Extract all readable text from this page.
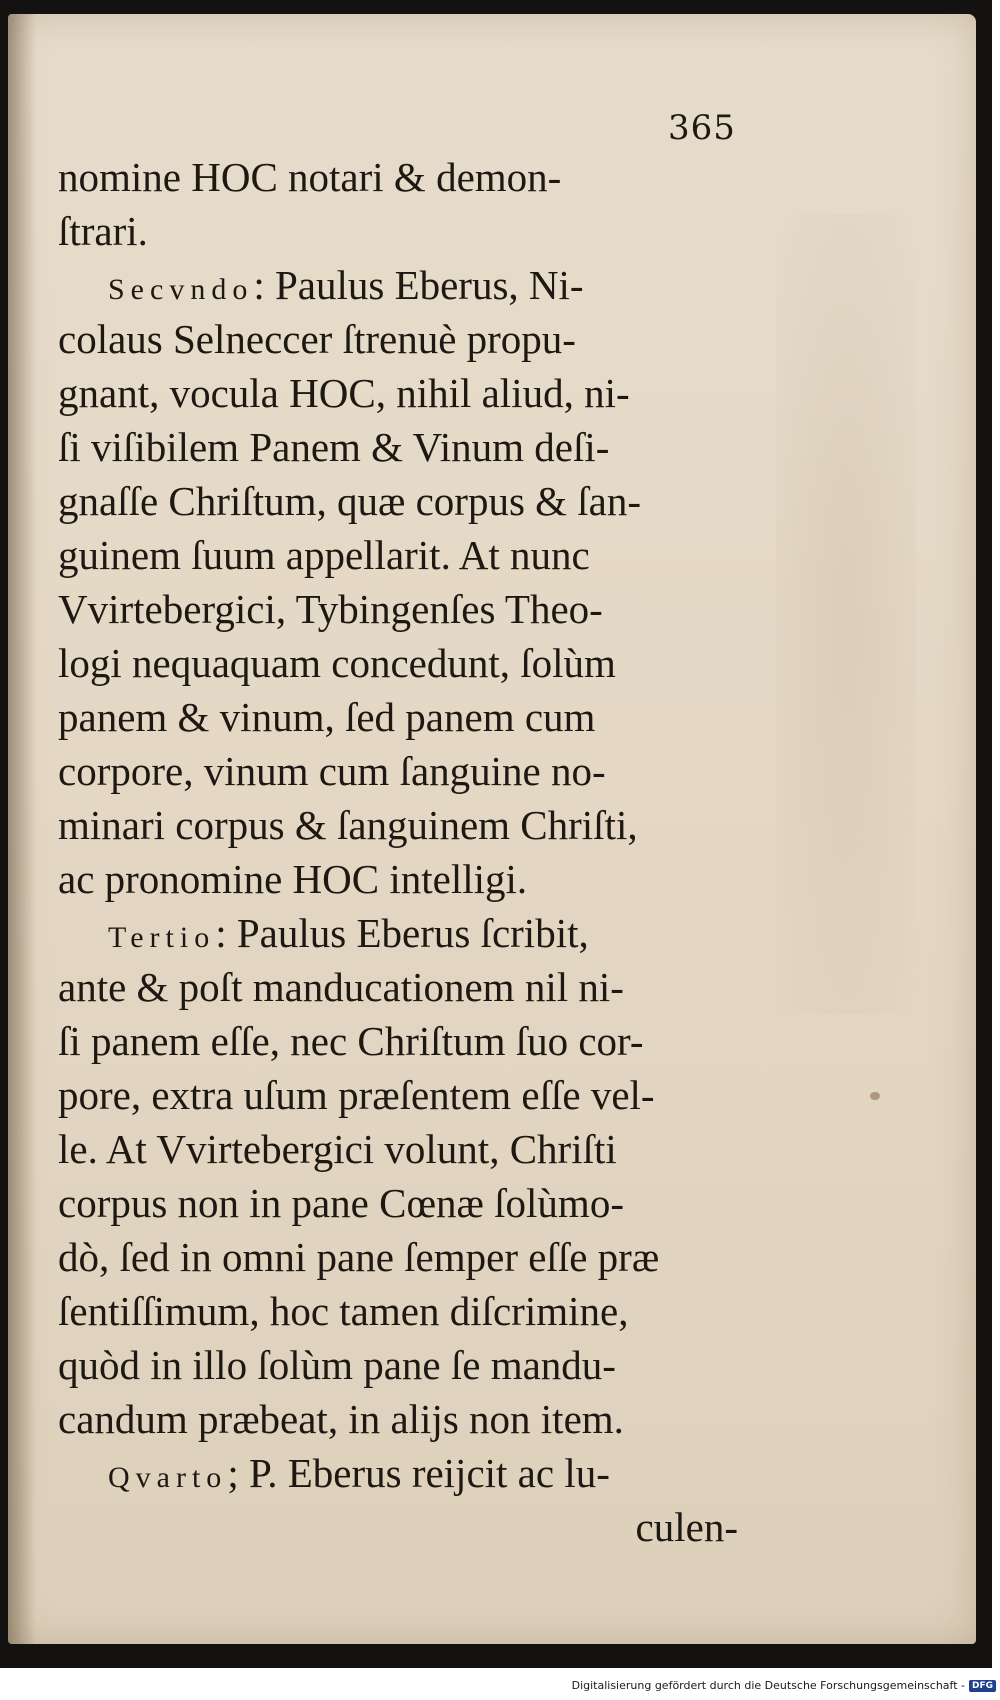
365
nomine HOC notari & demon-
ſtrari.
Secvndo: Paulus Eberus, Ni-
colaus Selneccer ſtrenuè propu-
gnant, vocula HOC, nihil aliud, ni-
ſi viſibilem Panem & Vinum deſi-
gnaſſe Chriſtum, quæ corpus & ſan-
guinem ſuum appellarit. At nunc
Vvirtebergici, Tybingenſes Theo-
logi nequaquam concedunt, ſolùm
panem & vinum, ſed panem cum
corpore, vinum cum ſanguine no-
minari corpus & ſanguinem Chriſti,
ac pronomine HOC intelligi.
Tertio: Paulus Eberus ſcribit,
ante & poſt manducationem nil ni-
ſi panem eſſe, nec Chriſtum ſuo cor-
pore, extra uſum præſentem eſſe vel-
le. At Vvirtebergici volunt, Chriſti
corpus non in pane Cœnæ ſolùmo-
dò, ſed in omni pane ſemper eſſe præ
ſentiſſimum, hoc tamen diſcrimine,
quòd in illo ſolùm pane ſe mandu-
candum præbeat, in alijs non item.
Qvarto; P. Eberus reijcit ac lu-
culen-
Digitalisierung gefördert durch die Deutsche Forschungsgemeinschaft - DFG
